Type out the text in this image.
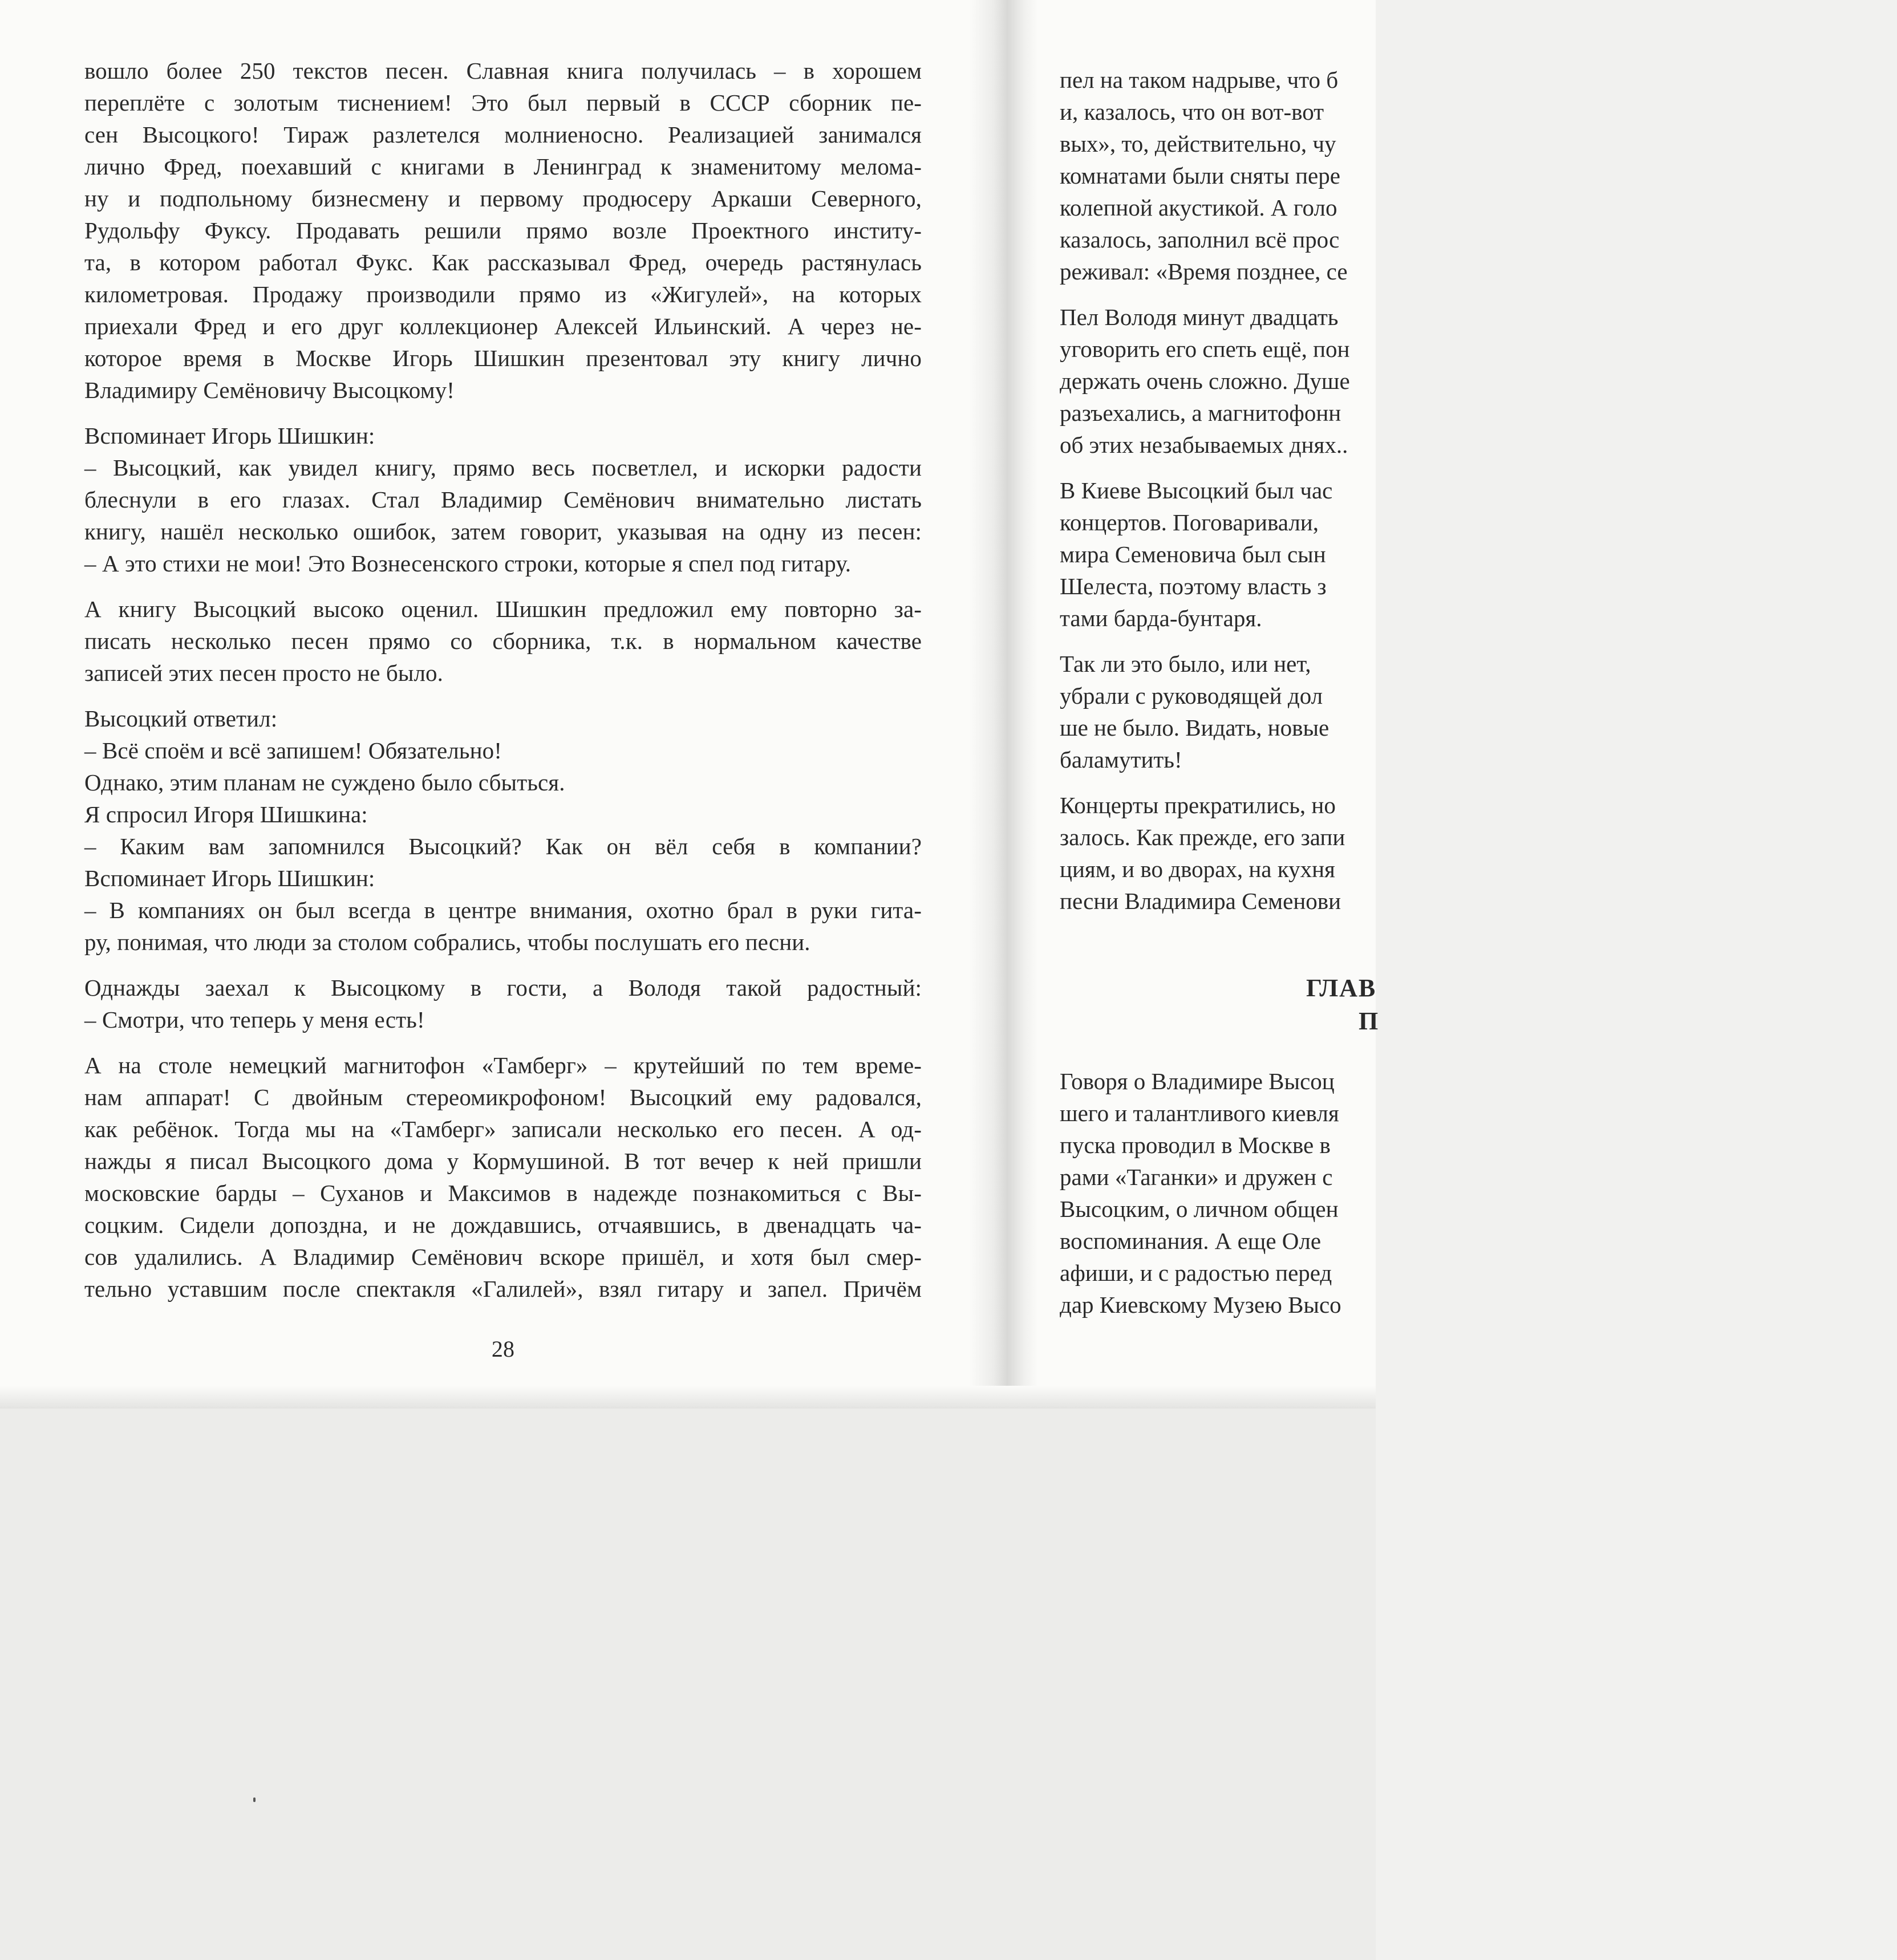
вошло более 250 текстов песен. Славная книга получилась – в хорошем
переплёте с золотым тиснением! Это был первый в СССР сборник пе-
сен Высоцкого! Тираж разлетелся молниеносно. Реализацией занимался
лично Фред, поехавший с книгами в Ленинград к знаменитому мелома-
ну и подпольному бизнесмену и первому продюсеру Аркаши Северного,
Рудольфу Фуксу. Продавать решили прямо возле Проектного институ-
та, в котором работал Фукс. Как рассказывал Фред, очередь растянулась
километровая. Продажу производили прямо из «Жигулей», на которых
приехали Фред и его друг коллекционер Алексей Ильинский. А через не-
которое время в Москве Игорь Шишкин презентовал эту книгу лично
Владимиру Семёновичу Высоцкому!
Вспоминает Игорь Шишкин:
– Высоцкий, как увидел книгу, прямо весь посветлел, и искорки радости
блеснули в его глазах. Стал Владимир Семёнович внимательно листать
книгу, нашёл несколько ошибок, затем говорит, указывая на одну из песен:
– А это стихи не мои! Это Вознесенского строки, которые я спел под гитару.
А книгу Высоцкий высоко оценил. Шишкин предложил ему повторно за-
писать несколько песен прямо со сборника, т.к. в нормальном качестве
записей этих песен просто не было.
Высоцкий ответил:
– Всё споём и всё запишем! Обязательно!
Однако, этим планам не суждено было сбыться.
Я спросил Игоря Шишкина:
– Каким вам запомнился Высоцкий? Как он вёл себя в компании?
Вспоминает Игорь Шишкин:
– В компаниях он был всегда в центре внимания, охотно брал в руки гита-
ру, понимая, что люди за столом собрались, чтобы послушать его песни.
Однажды заехал к Высоцкому в гости, а Володя такой радостный:
– Смотри, что теперь у меня есть!
А на столе немецкий магнитофон «Тамберг» – крутейший по тем време-
нам аппарат! С двойным стереомикрофоном! Высоцкий ему радовался,
как ребёнок. Тогда мы на «Тамберг» записали несколько его песен. А од-
нажды я писал Высоцкого дома у Кормушиной. В тот вечер к ней пришли
московские барды – Суханов и Максимов в надежде познакомиться с Вы-
соцким. Сидели допоздна, и не дождавшись, отчаявшись, в двенадцать ча-
сов удалились. А Владимир Семёнович вскоре пришёл, и хотя был смер-
тельно уставшим после спектакля «Галилей», взял гитару и запел. Причём
28
пел на таком надрыве, что б
и, казалось, что он вот-вот
вых», то, действительно, чу
комнатами были сняты пере
колепной акустикой. А голо
казалось, заполнил всё прос
реживал: «Время позднее, се
Пел Володя минут двадцать
уговорить его спеть ещё, пон
держать очень сложно. Душе
разъехались, а магнитофонн
об этих незабываемых днях..
В Киеве Высоцкий был час
концертов. Поговаривали,
мира Семеновича был сын
Шелеста, поэтому власть з
тами барда-бунтаря.
Так ли это было, или нет,
убрали с руководящей дол
ше не было. Видать, новые
баламутить!
Концерты прекратились, но
залось. Как прежде, его запи
циям, и во дворах, на кухня
песни Владимира Семенови
ГЛАВ
П
Говоря о Владимире Высоц
шего и талантливого киевля
пуска проводил в Москве в
рами «Таганки» и дружен с
Высоцким, о личном общен
воспоминания. А еще Оле
афиши, и с радостью перед
дар Киевскому Музею Высо
